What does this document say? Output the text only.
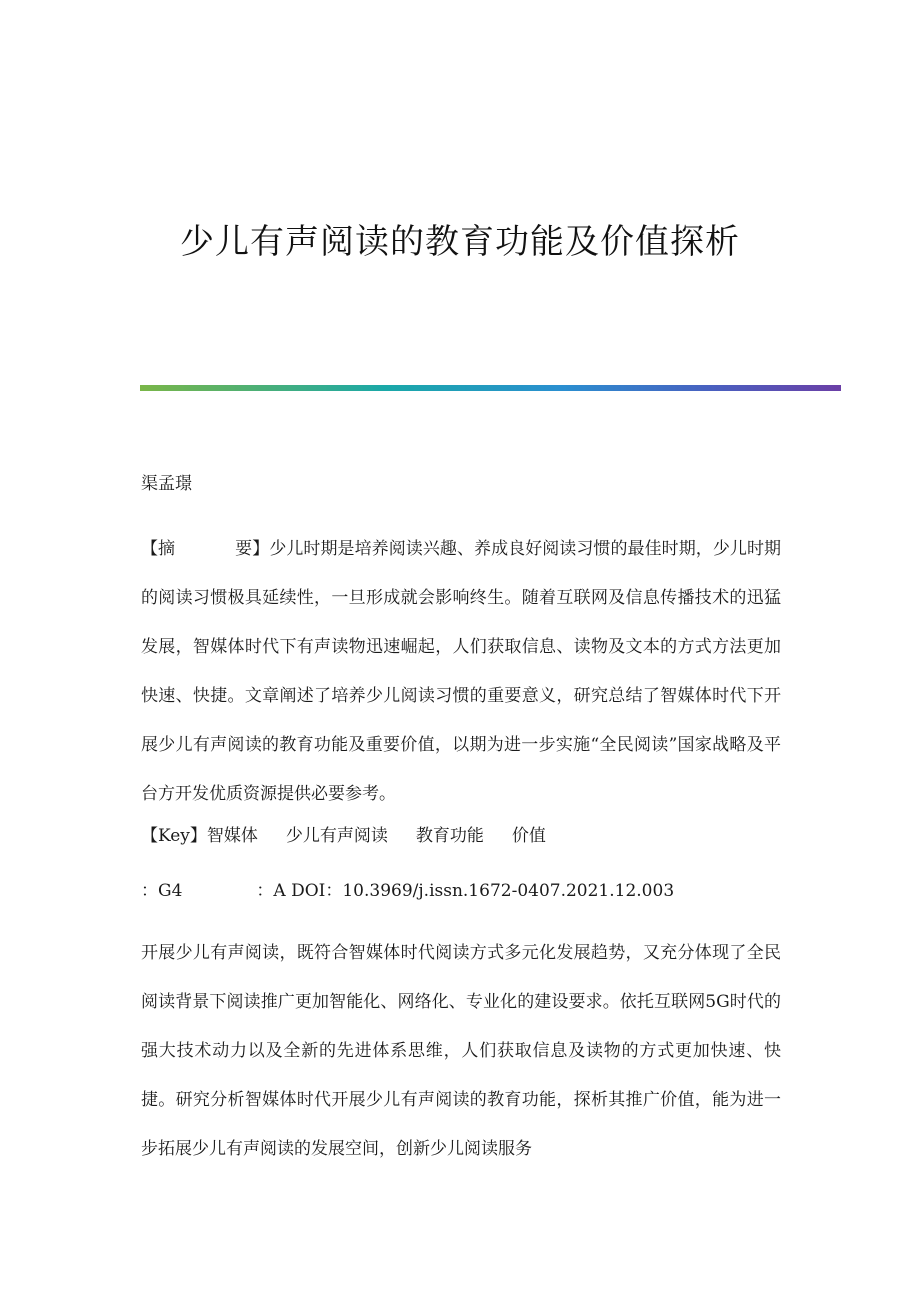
少儿有声阅读的教育功能及价值探析
渠孟璟
【摘	要】少儿时期是培养阅读兴趣、养成良好阅读习惯的最佳时期，少儿时期的阅读习惯极具延续性，一旦形成就会影响终生。随着互联网及信息传播技术的迅猛发展，智媒体时代下有声读物迅速崛起，人们获取信息、读物及文本的方式方法更加快速、快捷。文章阐述了培养少儿阅读习惯的重要意义，研究总结了智媒体时代下开展少儿有声阅读的教育功能及重要价值，以期为进一步实施“全民阅读”国家战略及平台方开发优质资源提供必要参考。
【Key】智媒体 少儿有声阅读 教育功能 价值
：G4	：A DOI：10.3969/j.issn.1672-0407.2021.12.003
开展少儿有声阅读，既符合智媒体时代阅读方式多元化发展趋势，又充分体现了全民阅读背景下阅读推广更加智能化、网络化、专业化的建设要求。依托互联网5G时代的强大技术动力以及全新的先进体系思维，人们获取信息及读物的方式更加快速、快捷。研究分析智媒体时代开展少儿有声阅读的教育功能，探析其推广价值，能为进一步拓展少儿有声阅读的发展空间，创新少儿阅读服务
